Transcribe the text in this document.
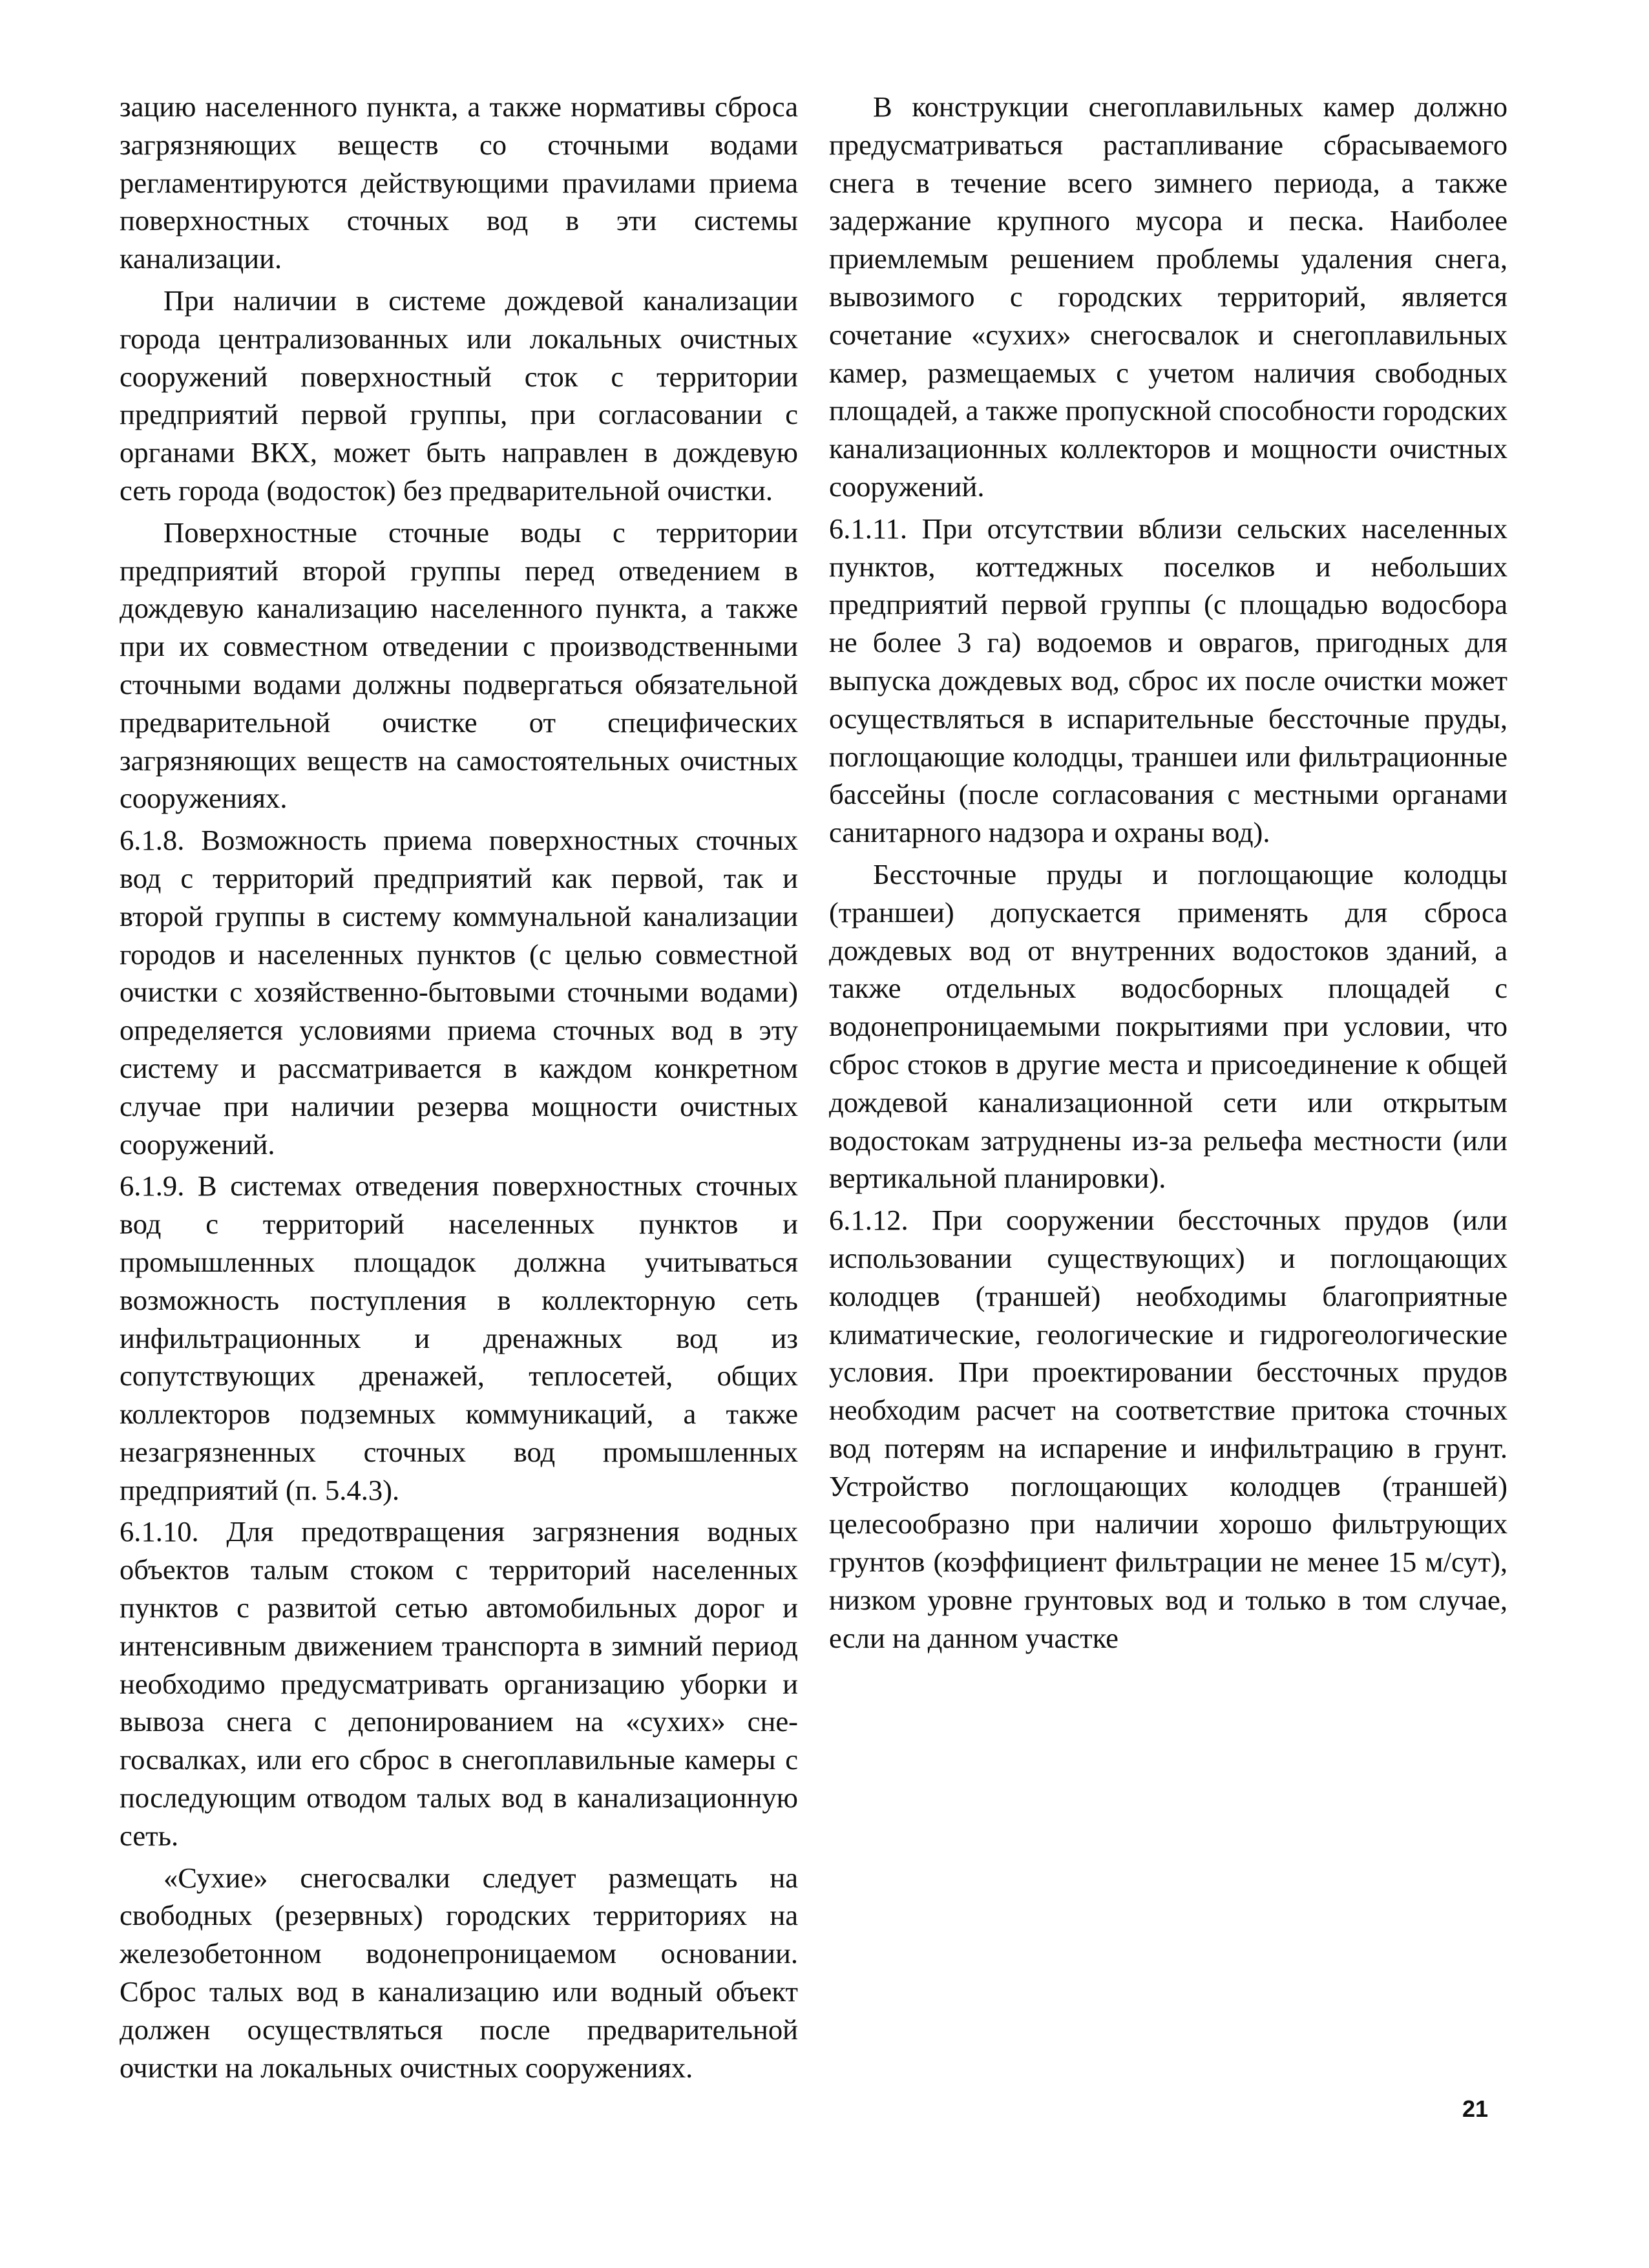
зацию населенного пункта, а также нормативы сброса загрязняющих веществ со сточными водами регламентируются действующими праvилами приема поверхностных сточных вод в эти системы канализации.

При наличии в системе дождевой канализации города централизованных или локальных очистных сооружений поверхностный сток с территории предприятий первой группы, при согласовании с органами ВКХ, может быть направлен в дождевую сеть города (водосток) без предварительной очистки.

Поверхностные сточные воды с территории предприятий второй группы перед отведением в дождевую канализацию населенного пункта, а также при их совместном отведении с производственными сточными водами должны подвергаться обязательной предварительной очистке от специфических загрязняющих веществ на самостоятельных очистных сооружениях.

6.1.8. Возможность приема поверхностных сточных вод с территорий предприятий как первой, так и второй группы в систему коммунальной канализации городов и населенных пунктов (с целью совместной очистки с хозяйственно-бытовыми сточными водами) определяется условиями приема сточных вод в эту систему и рассматривается в каждом конкретном случае при наличии резерва мощности очистных сооружений.

6.1.9. В системах отведения поверхностных сточных вод с территорий населенных пунктов и промышленных площадок должна учитываться возможность поступления в коллекторную сеть инфильтрационных и дренажных вод из сопутствующих дренажей, теплосетей, общих коллекторов подземных коммуникаций, а также незагрязненных сточных вод промышленных предприятий (п. 5.4.3).

6.1.10. Для предотвращения загрязнения водных объектов талым стоком с территорий населенных пунктов с развитой сетью автомобильных дорог и интенсивным движением транспорта в зимний период необходимо предусматривать организацию уборки и вывоза снега с депонированием на «сухих» снегосвалках, или его сброс в снегоплавильные камеры с последующим отводом талых вод в канализационную сеть.

«Сухие» снегосвалки следует размещать на свободных (резервных) городских территориях на железобетонном водонепроницаемом основании. Сброс талых вод в канализацию или водный объект должен осуществляться после предварительной очистки на локальных очистных сооружениях.

В конструкции снегоплавильных камер должно предусматриваться растапливание сбрасываемого снега в течение всего зимнего периода, а также задержание крупного мусора и песка. Наиболее приемлемым решением проблемы удаления снега, вывозимого с городских территорий, является сочетание «сухих» снегосвалок и снегоплавильных камер, размещаемых с учетом наличия свободных площадей, а также пропускной способности городских канализационных коллекторов и мощности очистных сооружений.

6.1.11. При отсутствии вблизи сельских населенных пунктов, коттеджных поселков и небольших предприятий первой группы (с площадью водосбора не более 3 га) водоемов и оврагов, пригодных для выпуска дождевых вод, сброс их после очистки может осуществляться в испарительные бессточные пруды, поглощающие колодцы, траншеи или фильтрационные бассейны (после согласования с местными органами санитарного надзора и охраны вод).

Бессточные пруды и поглощающие колодцы (траншеи) допускается применять для сброса дождевых вод от внутренних водостоков зданий, а также отдельных водосборных площадей с водонепроницаемыми покрытиями при условии, что сброс стоков в другие места и присоединение к общей дождевой канализационной сети или открытым водостокам затруднены из-за рельефа местности (или вертикальной планировки).

6.1.12. При сооружении бессточных прудов (или использовании существующих) и поглощающих колодцев (траншей) необходимы благоприятные климатические, геологические и гидрогеологические условия. При проектировании бессточных прудов необходим расчет на соответствие притока сточных вод потерям на испарение и инфильтрацию в грунт. Устройство поглощающих колодцев (траншей) целесообразно при наличии хорошо фильтрующих грунтов (коэффициент фильтрации не менее 15 м/сут), низком уровне грунтовых вод и только в том случае, если на данном участке

21
